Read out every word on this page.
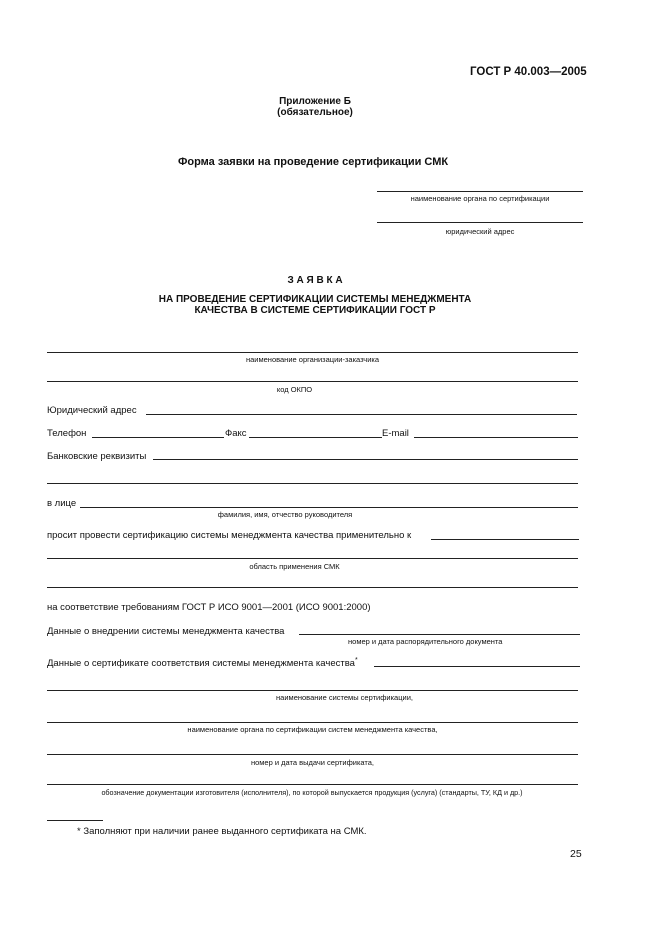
ГОСТ Р 40.003—2005
Приложение Б
(обязательное)
Форма заявки на проведение сертификации СМК
наименование органа по сертификации
юридический адрес
З А Я В К А
НА ПРОВЕДЕНИЕ СЕРТИФИКАЦИИ СИСТЕМЫ МЕНЕДЖМЕНТА
КАЧЕСТВА В СИСТЕМЕ СЕРТИФИКАЦИИ ГОСТ Р
наименование организации-заказчика
код ОКПО
Юридический адрес
Телефон	Факс	E-mail
Банковские реквизиты
в лице
фамилия, имя, отчество руководителя
просит провести сертификацию системы менеджмента качества применительно к
область применения СМК
на соответствие требованиям ГОСТ Р ИСО 9001—2001 (ИСО 9001:2000)
Данные о внедрении системы менеджмента качества
номер и дата распорядительного документа
Данные о сертификате соответствия системы менеджмента качества*
наименование системы сертификации,
наименование органа по сертификации систем менеджмента качества,
номер и дата выдачи сертификата,
обозначение документации изготовителя (исполнителя), по которой выпускается продукция (услуга) (стандарты, ТУ, КД и др.)
* Заполняют при наличии ранее выданного сертификата на СМК.
25
